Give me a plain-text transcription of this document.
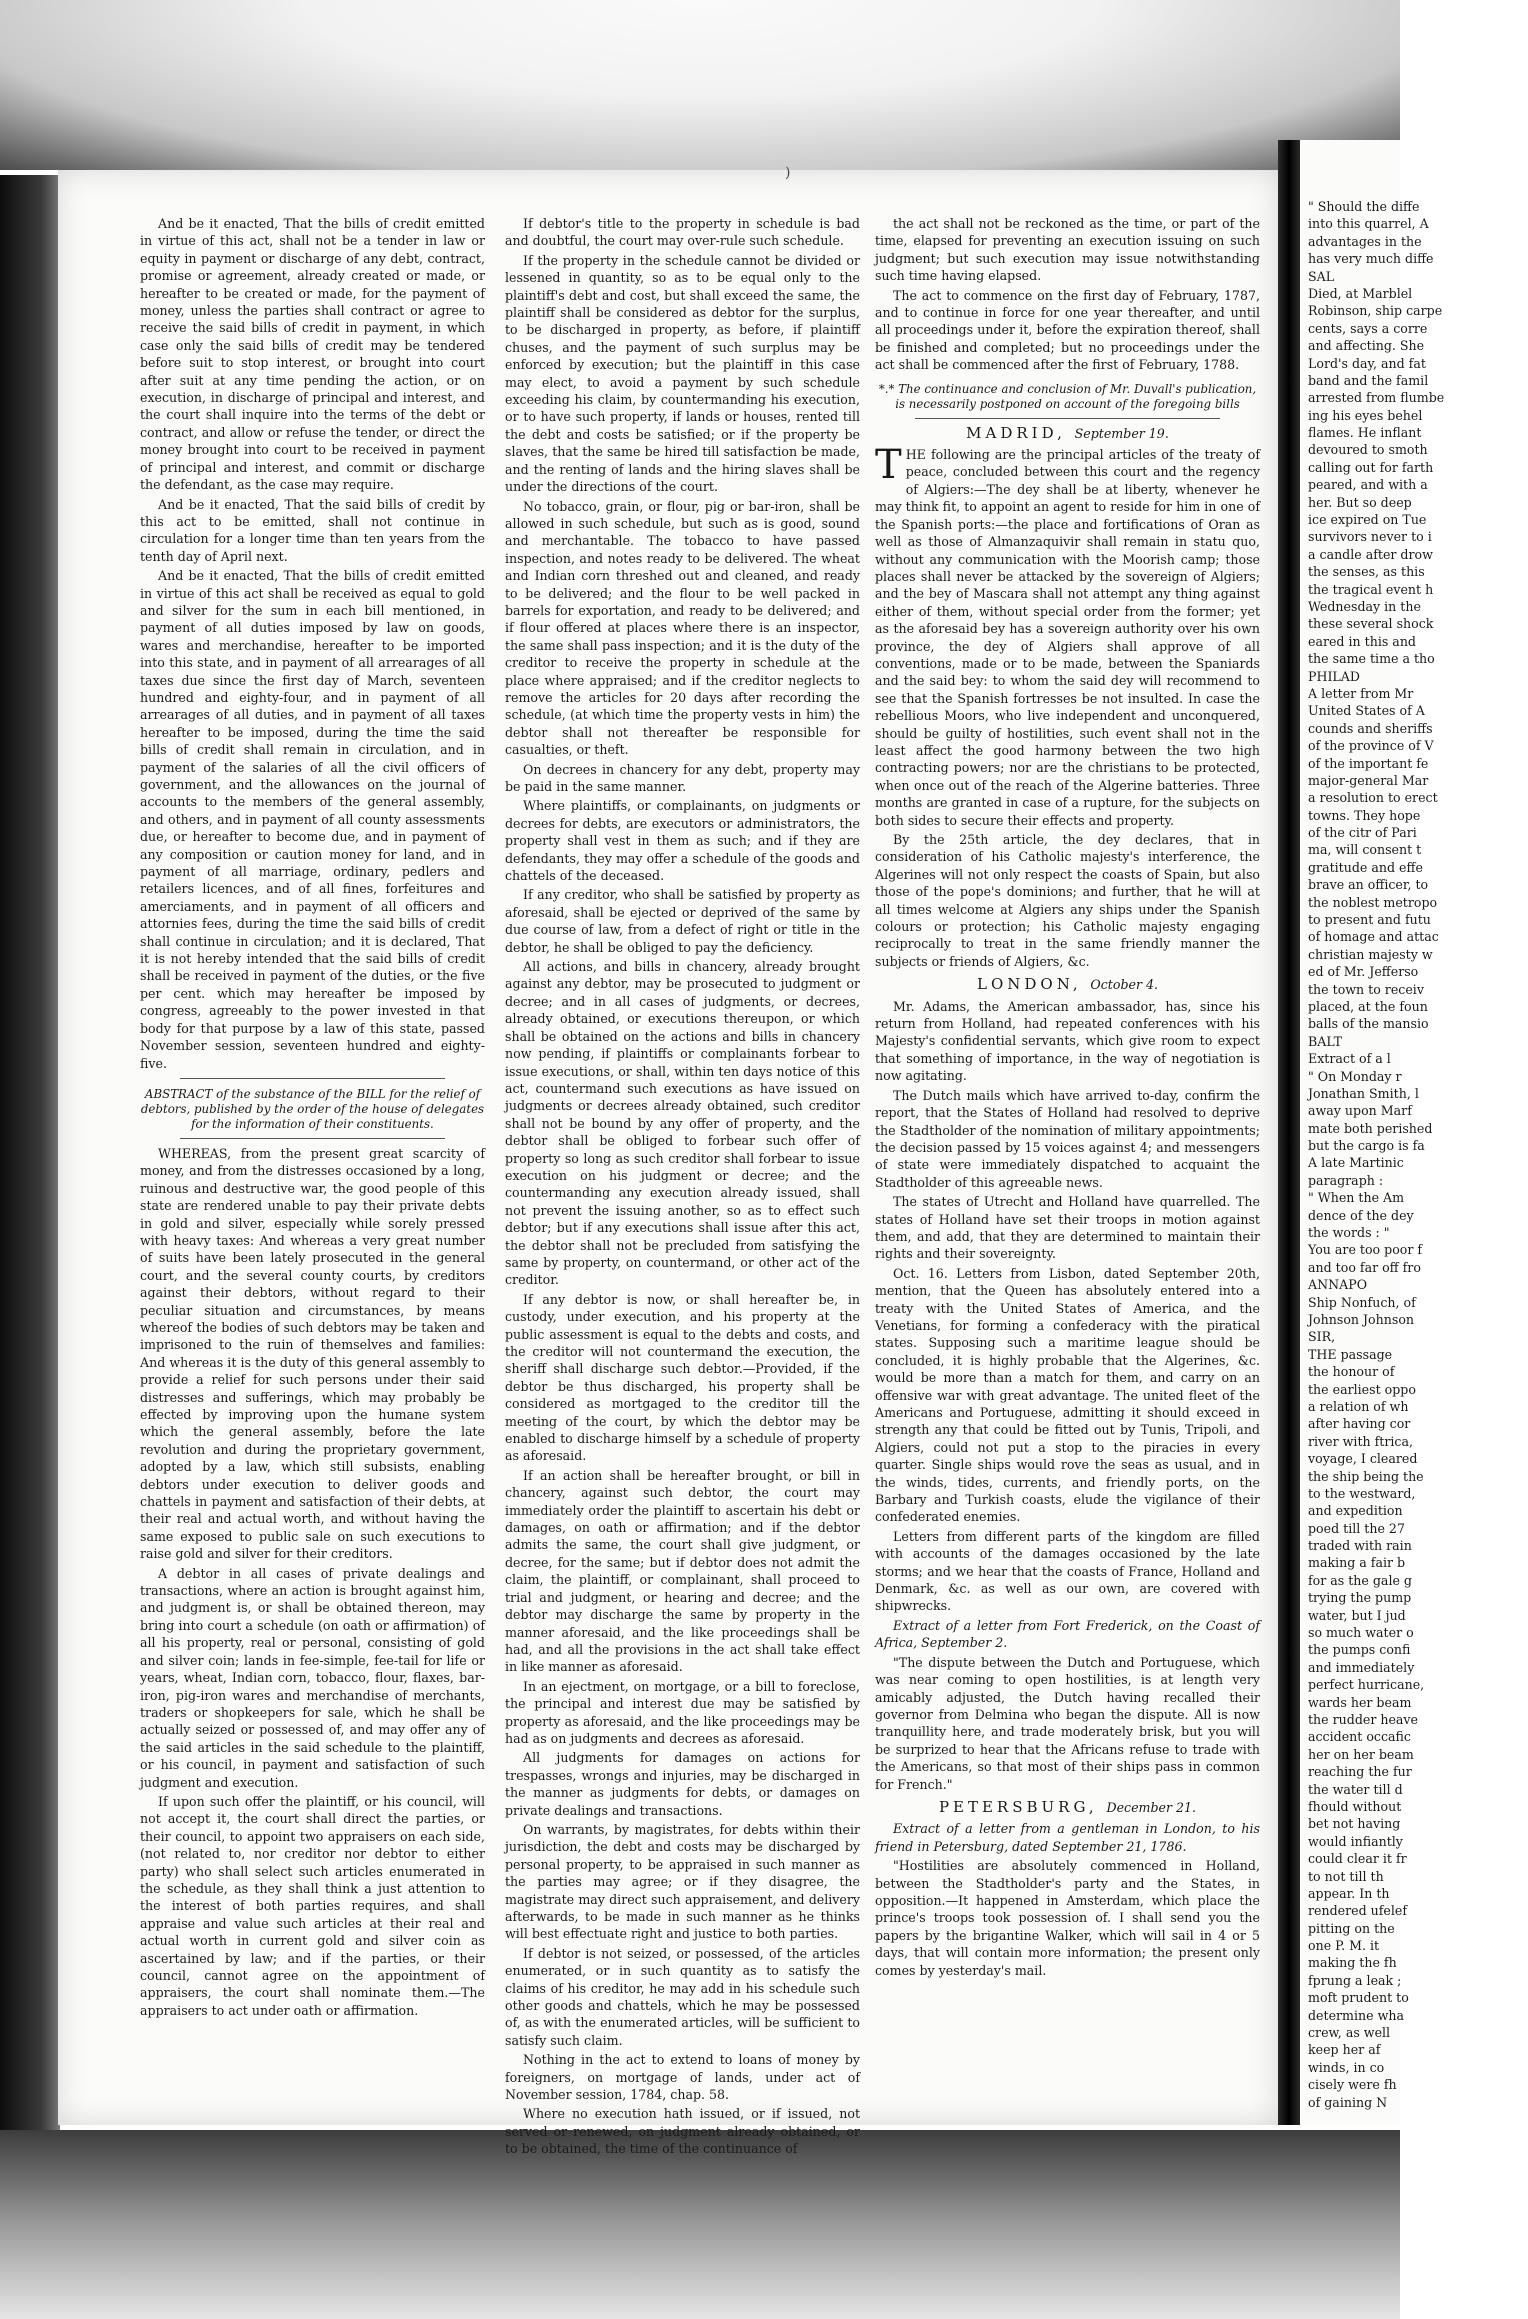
)

And be it enacted, That the bills of credit emitted in virtue of this act, shall not be a tender in law or equity in payment or discharge of any debt, contract, promise or agreement, already created or made, or hereafter to be created or made, for the payment of money, unless the parties shall contract or agree to receive the said bills of credit in payment, in which case only the said bills of credit may be tendered before suit to stop interest, or brought into court after suit at any time pending the action, or on execution, in discharge of principal and interest, and the court shall inquire into the terms of the debt or contract, and allow or refuse the tender, or direct the money brought into court to be received in payment of principal and interest, and commit or discharge the defendant, as the case may require.

And be it enacted, That the said bills of credit by this act to be emitted, shall not continue in circulation for a longer time than ten years from the tenth day of April next.

And be it enacted, That the bills of credit emitted in virtue of this act shall be received as equal to gold and silver for the sum in each bill mentioned, in payment of all duties imposed by law on goods, wares and merchandise, hereafter to be imported into this state, and in payment of all arrearages of all taxes due since the first day of March, seventeen hundred and eighty-four, and in payment of all arrearages of all duties, and in payment of all taxes hereafter to be imposed, during the time the said bills of credit shall remain in circulation, and in payment of the salaries of all the civil officers of government, and the allowances on the journal of accounts to the members of the general assembly, and others, and in payment of all county assessments due, or hereafter to become due, and in payment of any composition or caution money for land, and in payment of all marriage, ordinary, pedlers and retailers licences, and of all fines, forfeitures and amerciaments, and in payment of all officers and attornies fees, during the time the said bills of credit shall continue in circulation; and it is declared, That it is not hereby intended that the said bills of credit shall be received in payment of the duties, or the five per cent. which may hereafter be imposed by congress, agreeably to the power invested in that body for that purpose by a law of this state, passed November session, seventeen hundred and eighty-five.

ABSTRACT of the substance of the BILL for the relief of debtors, published by the order of the house of delegates for the information of their constituents.

WHEREAS, from the present great scarcity of money, and from the distresses occasioned by a long, ruinous and destructive war, the good people of this state are rendered unable to pay their private debts in gold and silver, especially while sorely pressed with heavy taxes: And whereas a very great number of suits have been lately prosecuted in the general court, and the several county courts, by creditors against their debtors, without regard to their peculiar situation and circumstances, by means whereof the bodies of such debtors may be taken and imprisoned to the ruin of themselves and families: And whereas it is the duty of this general assembly to provide a relief for such persons under their said distresses and sufferings, which may probably be effected by improving upon the humane system which the general assembly, before the late revolution and during the proprietary government, adopted by a law, which still subsists, enabling debtors under execution to deliver goods and chattels in payment and satisfaction of their debts, at their real and actual worth, and without having the same exposed to public sale on such executions to raise gold and silver for their creditors.

A debtor in all cases of private dealings and transactions, where an action is brought against him, and judgment is, or shall be obtained thereon, may bring into court a schedule (on oath or affirmation) of all his property, real or personal, consisting of gold and silver coin; lands in fee-simple, fee-tail for life or years, wheat, Indian corn, tobacco, flour, flaxes, bar-iron, pig-iron wares and merchandise of merchants, traders or shopkeepers for sale, which he shall be actually seized or possessed of, and may offer any of the said articles in the said schedule to the plaintiff, or his council, in payment and satisfaction of such judgment and execution.

If upon such offer the plaintiff, or his council, will not accept it, the court shall direct the parties, or their council, to appoint two appraisers on each side, (not related to, nor creditor nor debtor to either party) who shall select such articles enumerated in the schedule, as they shall think a just attention to the interest of both parties requires, and shall appraise and value such articles at their real and actual worth in current gold and silver coin as ascertained by law; and if the parties, or their council, cannot agree on the appointment of appraisers, the court shall nominate them.—The appraisers to act under oath or affirmation.

If debtor's title to the property in schedule is bad and doubtful, the court may over-rule such schedule.

If the property in the schedule cannot be divided or lessened in quantity, so as to be equal only to the plaintiff's debt and cost, but shall exceed the same, the plaintiff shall be considered as debtor for the surplus, to be discharged in property, as before, if plaintiff chuses, and the payment of such surplus may be enforced by execution; but the plaintiff in this case may elect, to avoid a payment by such schedule exceeding his claim, by countermanding his execution, or to have such property, if lands or houses, rented till the debt and costs be satisfied; or if the property be slaves, that the same be hired till satisfaction be made, and the renting of lands and the hiring slaves shall be under the directions of the court.

No tobacco, grain, or flour, pig or bar-iron, shall be allowed in such schedule, but such as is good, sound and merchantable. The tobacco to have passed inspection, and notes ready to be delivered. The wheat and Indian corn threshed out and cleaned, and ready to be delivered; and the flour to be well packed in barrels for exportation, and ready to be delivered; and if flour offered at places where there is an inspector, the same shall pass inspection; and it is the duty of the creditor to receive the property in schedule at the place where appraised; and if the creditor neglects to remove the articles for 20 days after recording the schedule, (at which time the property vests in him) the debtor shall not thereafter be responsible for casualties, or theft.

On decrees in chancery for any debt, property may be paid in the same manner.

Where plaintiffs, or complainants, on judgments or decrees for debts, are executors or administrators, the property shall vest in them as such; and if they are defendants, they may offer a schedule of the goods and chattels of the deceased.

If any creditor, who shall be satisfied by property as aforesaid, shall be ejected or deprived of the same by due course of law, from a defect of right or title in the debtor, he shall be obliged to pay the deficiency.

All actions, and bills in chancery, already brought against any debtor, may be prosecuted to judgment or decree; and in all cases of judgments, or decrees, already obtained, or executions thereupon, or which shall be obtained on the actions and bills in chancery now pending, if plaintiffs or complainants forbear to issue executions, or shall, within ten days notice of this act, countermand such executions as have issued on judgments or decrees already obtained, such creditor shall not be bound by any offer of property, and the debtor shall be obliged to forbear such offer of property so long as such creditor shall forbear to issue execution on his judgment or decree; and the countermanding any execution already issued, shall not prevent the issuing another, so as to effect such debtor; but if any executions shall issue after this act, the debtor shall not be precluded from satisfying the same by property, on countermand, or other act of the creditor.

If any debtor is now, or shall hereafter be, in custody, under execution, and his property at the public assessment is equal to the debts and costs, and the creditor will not countermand the execution, the sheriff shall discharge such debtor.—Provided, if the debtor be thus discharged, his property shall be considered as mortgaged to the creditor till the meeting of the court, by which the debtor may be enabled to discharge himself by a schedule of property as aforesaid.

If an action shall be hereafter brought, or bill in chancery, against such debtor, the court may immediately order the plaintiff to ascertain his debt or damages, on oath or affirmation; and if the debtor admits the same, the court shall give judgment, or decree, for the same; but if debtor does not admit the claim, the plaintiff, or complainant, shall proceed to trial and judgment, or hearing and decree; and the debtor may discharge the same by property in the manner aforesaid, and the like proceedings shall be had, and all the provisions in the act shall take effect in like manner as aforesaid.

In an ejectment, on mortgage, or a bill to foreclose, the principal and interest due may be satisfied by property as aforesaid, and the like proceedings may be had as on judgments and decrees as aforesaid.

All judgments for damages on actions for trespasses, wrongs and injuries, may be discharged in the manner as judgments for debts, or damages on private dealings and transactions.

On warrants, by magistrates, for debts within their jurisdiction, the debt and costs may be discharged by personal property, to be appraised in such manner as the parties may agree; or if they disagree, the magistrate may direct such appraisement, and delivery afterwards, to be made in such manner as he thinks will best effectuate right and justice to both parties.

If debtor is not seized, or possessed, of the articles enumerated, or in such quantity as to satisfy the claims of his creditor, he may add in his schedule such other goods and chattels, which he may be possessed of, as with the enumerated articles, will be sufficient to satisfy such claim.

Nothing in the act to extend to loans of money by foreigners, on mortgage of lands, under act of November session, 1784, chap. 58.

Where no execution hath issued, or if issued, not served or renewed, on judgment already obtained, or to be obtained, the time of the continuance of

the act shall not be reckoned as the time, or part of the time, elapsed for preventing an execution issuing on such judgment; but such execution may issue notwithstanding such time having elapsed.

The act to commence on the first day of February, 1787, and to continue in force for one year thereafter, and until all proceedings under it, before the expiration thereof, shall be finished and completed; but no proceedings under the act shall be commenced after the first of February, 1788.

*.* The continuance and conclusion of Mr. Duvall's publication, is necessarily postponed on account of the foregoing bills
MADRID, September 19.

THE following are the principal articles of the treaty of peace, concluded between this court and the regency of Algiers:—The dey shall be at liberty, whenever he may think fit, to appoint an agent to reside for him in one of the Spanish ports:—the place and fortifications of Oran as well as those of Almanzaquivir shall remain in statu quo, without any communication with the Moorish camp; those places shall never be attacked by the sovereign of Algiers; and the bey of Mascara shall not attempt any thing against either of them, without special order from the former; yet as the aforesaid bey has a sovereign authority over his own province, the dey of Algiers shall approve of all conventions, made or to be made, between the Spaniards and the said bey: to whom the said dey will recommend to see that the Spanish fortresses be not insulted. In case the rebellious Moors, who live independent and unconquered, should be guilty of hostilities, such event shall not in the least affect the good harmony between the two high contracting powers; nor are the christians to be protected, when once out of the reach of the Algerine batteries. Three months are granted in case of a rupture, for the subjects on both sides to secure their effects and property.

By the 25th article, the dey declares, that in consideration of his Catholic majesty's interference, the Algerines will not only respect the coasts of Spain, but also those of the pope's dominions; and further, that he will at all times welcome at Algiers any ships under the Spanish colours or protection; his Catholic majesty engaging reciprocally to treat in the same friendly manner the subjects or friends of Algiers, &c.

LONDON, October 4.

Mr. Adams, the American ambassador, has, since his return from Holland, had repeated conferences with his Majesty's confidential servants, which give room to expect that something of importance, in the way of negotiation is now agitating.

The Dutch mails which have arrived to-day, confirm the report, that the States of Holland had resolved to deprive the Stadtholder of the nomination of military appointments; the decision passed by 15 voices against 4; and messengers of state were immediately dispatched to acquaint the Stadtholder of this agreeable news.

The states of Utrecht and Holland have quarrelled. The states of Holland have set their troops in motion against them, and add, that they are determined to maintain their rights and their sovereignty.

Oct. 16. Letters from Lisbon, dated September 20th, mention, that the Queen has absolutely entered into a treaty with the United States of America, and the Venetians, for forming a confederacy with the piratical states. Supposing such a maritime league should be concluded, it is highly probable that the Algerines, &c. would be more than a match for them, and carry on an offensive war with great advantage. The united fleet of the Americans and Portuguese, admitting it should exceed in strength any that could be fitted out by Tunis, Tripoli, and Algiers, could not put a stop to the piracies in every quarter. Single ships would rove the seas as usual, and in the winds, tides, currents, and friendly ports, on the Barbary and Turkish coasts, elude the vigilance of their confederated enemies.

Letters from different parts of the kingdom are filled with accounts of the damages occasioned by the late storms; and we hear that the coasts of France, Holland and Denmark, &c. as well as our own, are covered with shipwrecks.

Extract of a letter from Fort Frederick, on the Coast of Africa, September 2.

"The dispute between the Dutch and Portuguese, which was near coming to open hostilities, is at length very amicably adjusted, the Dutch having recalled their governor from Delmina who began the dispute. All is now tranquillity here, and trade moderately brisk, but you will be surprized to hear that the Africans refuse to trade with the Americans, so that most of their ships pass in common for French."

PETERSBURG, December 21.

Extract of a letter from a gentleman in London, to his friend in Petersburg, dated September 21, 1786.

"Hostilities are absolutely commenced in Holland, between the Stadtholder's party and the States, in opposition.—It happened in Amsterdam, which place the prince's troops took possession of. I shall send you the papers by the brigantine Walker, which will sail in 4 or 5 days, that will contain more information; the present only comes by yesterday's mail.

" Should the diffe
into this quarrel, A
advantages in the
has very much diffe
SAL
Died, at Marblel
Robinson, ship carpe
cents, says a corre
and affecting. She
Lord's day, and fat
band and the famil
arrested from flumbe
ing his eyes behel
flames. He inflant
devoured to smoth
calling out for farth
peared, and with a
her. But so deep
ice expired on Tue
survivors never to i
a candle after drow
the senses, as this
the tragical event h
Wednesday in the
these several shock
eared in this and
the same time a tho
PHILAD
A letter from Mr
United States of A
counds and sheriffs
of the province of V
of the important fe
major-general Mar
a resolution to erect
towns. They hope
of the citr of Pari
ma, will consent t
gratitude and effe
brave an officer, to
the noblest metropo
to present and futu
of homage and attac
christian majesty w
ed of Mr. Jefferso
the town to receiv
placed, at the foun
balls of the mansio
BALT
Extract of a l
" On Monday r
Jonathan Smith, l
away upon Marf
mate both perished
but the cargo is fa
A late Martinic
paragraph :
" When the Am
dence of the dey
the words : "
You are too poor f
and too far off fro
ANNAPO
Ship Nonfuch, of
Johnson Johnson
SIR,
THE passage
the honour of
the earliest oppo
a relation of wh
after having cor
river with ftrica,
voyage, I cleared
the ship being the
to the westward,
and expedition
poed till the 27
traded with rain
making a fair b
for as the gale g
trying the pump
water, but I jud
so much water o
the pumps confi
and immediately
perfect hurricane,
wards her beam
the rudder heave
accident occafic
her on her beam
reaching the fur
the water till d
fhould without
bet not having
would infiantly
could clear it fr
to not till th
appear. In th
rendered ufelef
pitting on the
one P. M. it
making the fh
fprung a leak ;
moft prudent to
determine wha
crew, as well
keep her af
winds, in co
cisely were fh
of gaining N
